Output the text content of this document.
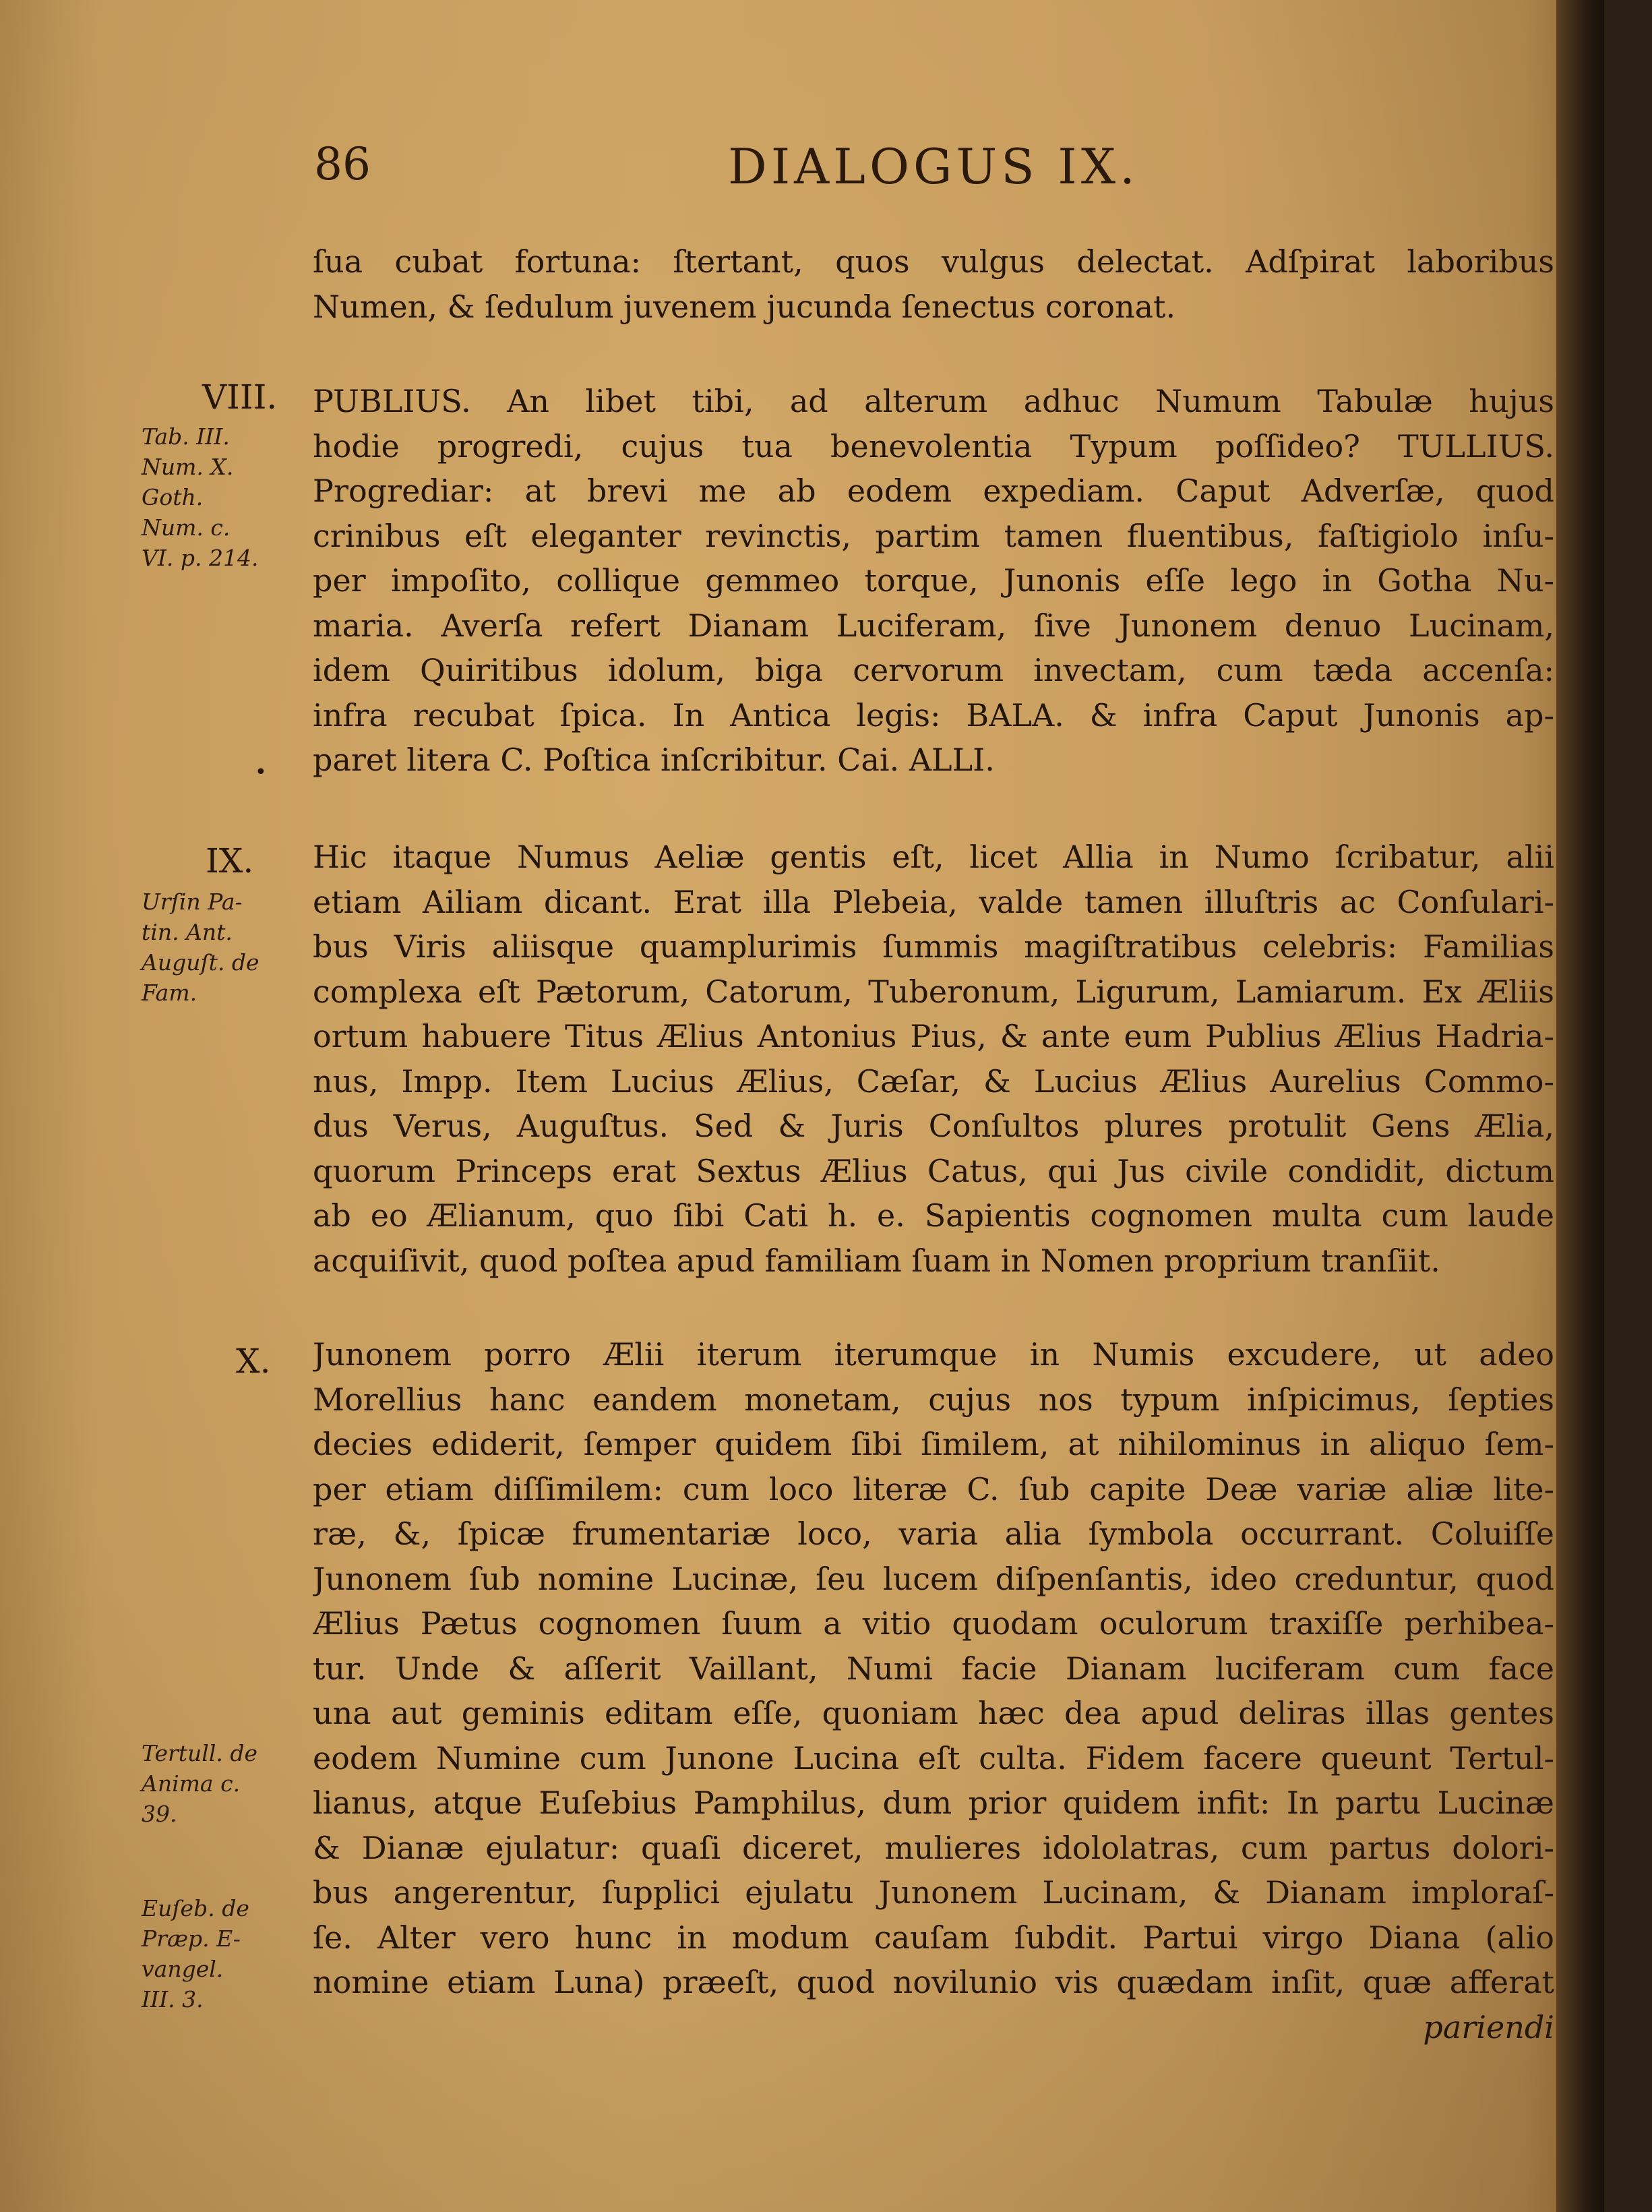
86	DIALOGUS IX.
ſua cubat fortuna: ſtertant, quos vulgus delectat. Adſpirat laboribus
Numen, & ſedulum juvenem jucunda ſenectus coronat.
VIII.
Tab. III.
Num. X.
Goth.
Num. c.
VI. p. 214.
PUBLIUS. An libet tibi, ad alterum adhuc Numum Tabulæ hujus
hodie progredi, cujus tua benevolentia Typum poſſideo? TULLIUS.
Progrediar: at brevi me ab eodem expediam. Caput Adverſæ, quod
crinibus eſt eleganter revinctis, partim tamen fluentibus, faſtigiolo inſu-
per impoſito, collique gemmeo torque, Junonis eſſe lego in Gotha Nu-
maria. Averſa refert Dianam Luciferam, ſive Junonem denuo Lucinam,
idem Quiritibus idolum, biga cervorum invectam, cum tæda accenſa:
infra recubat ſpica. In Antica legis: BALA. & infra Caput Junonis ap-
paret litera C. Poſtica inſcribitur. Cai. ALLI.
•
IX.
Urſin Pa-
tin. Ant.
Auguſt. de
Fam.
Hic itaque Numus Aeliæ gentis eſt, licet Allia in Numo ſcribatur, alii
etiam Ailiam dicant. Erat illa Plebeia, valde tamen illuſtris ac Conſulari-
bus Viris aliisque quamplurimis ſummis magiſtratibus celebris: Familias
complexa eſt Pætorum, Catorum, Tuberonum, Ligurum, Lamiarum. Ex Æliis
ortum habuere Titus Ælius Antonius Pius, & ante eum Publius Ælius Hadria-
nus, Impp. Item Lucius Ælius, Cæſar, & Lucius Ælius Aurelius Commo-
dus Verus, Auguſtus. Sed & Juris Conſultos plures protulit Gens Ælia,
quorum Princeps erat Sextus Ælius Catus, qui Jus civile condidit, dictum
ab eo Ælianum, quo ſibi Cati h. e. Sapientis cognomen multa cum laude
acquiſivit, quod poſtea apud familiam ſuam in Nomen proprium tranſiit.
X.
Tertull. de
Anima c.
39.
Euſeb. de
Præp. E-
vangel.
III. 3.
Junonem porro Ælii iterum iterumque in Numis excudere, ut adeo
Morellius hanc eandem monetam, cujus nos typum inſpicimus, ſepties
decies ediderit, ſemper quidem ſibi ſimilem, at nihilominus in aliquo ſem-
per etiam diſſimilem: cum loco literæ C. ſub capite Deæ variæ aliæ lite-
ræ, &, ſpicæ frumentariæ loco, varia alia ſymbola occurrant. Coluiſſe
Junonem ſub nomine Lucinæ, ſeu lucem diſpenſantis, ideo creduntur, quod
Ælius Pætus cognomen ſuum a vitio quodam oculorum traxiſſe perhibea-
tur. Unde & aſſerit Vaillant, Numi facie Dianam luciferam cum face
una aut geminis editam eſſe, quoniam hæc dea apud deliras illas gentes
eodem Numine cum Junone Lucina eſt culta. Fidem facere queunt Tertul-
lianus, atque Euſebius Pamphilus, dum prior quidem infit: In partu Lucinæ
& Dianæ ejulatur: quaſi diceret, mulieres idololatras, cum partus dolori-
bus angerentur, ſupplici ejulatu Junonem Lucinam, & Dianam imploraſ-
ſe. Alter vero hunc in modum cauſam ſubdit. Partui virgo Diana (alio
nomine etiam Luna) præeſt, quod novilunio vis quædam inſit, quæ afferat
pariendi
